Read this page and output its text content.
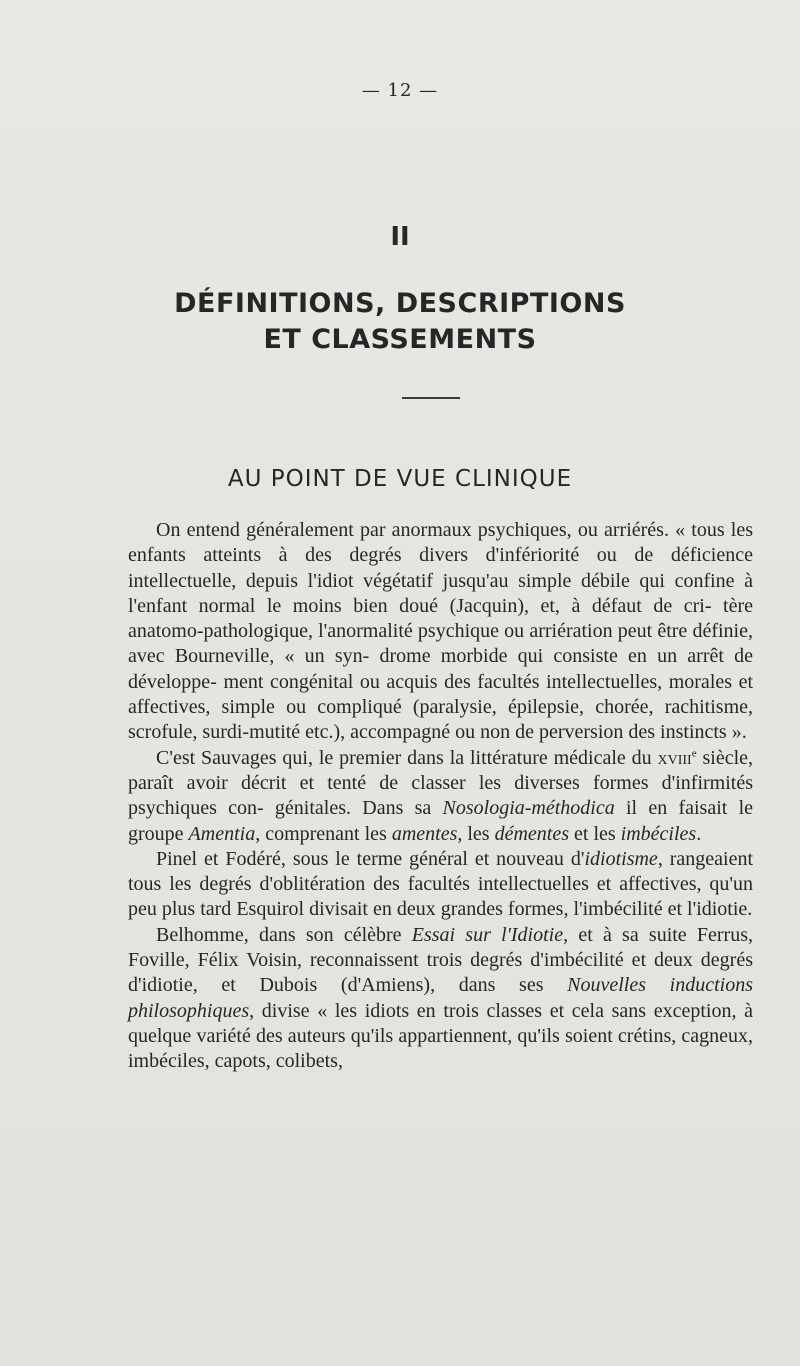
— 12 —
II
DÉFINITIONS, DESCRIPTIONS
ET CLASSEMENTS
AU POINT DE VUE CLINIQUE

On entend généralement par anormaux psychiques, ou arriérés. « tous les enfants atteints à des degrés divers d'infériorité ou de déficience intellectuelle, depuis l'idiot végétatif jusqu'au simple débile qui confine à l'enfant normal le moins bien doué (Jacquin), et, à défaut de cri- tère anatomo-pathologique, l'anormalité psychique ou arriération peut être définie, avec Bourneville, « un syn- drome morbide qui consiste en un arrêt de développe- ment congénital ou acquis des facultés intellectuelles, morales et affectives, simple ou compliqué (paralysie, épilepsie, chorée, rachitisme, scrofule, surdi-mutité etc.), accompagné ou non de perversion des instincts ».

C'est Sauvages qui, le premier dans la littérature médicale du xviii$^e$ siècle, paraît avoir décrit et tenté de classer les diverses formes d'infirmités psychiques con- génitales. Dans sa Nosologia-méthodica il en faisait le groupe Amentia, comprenant les amentes, les démentes et les imbéciles.

Pinel et Fodéré, sous le terme général et nouveau d'idiotisme, rangeaient tous les degrés d'oblitération des facultés intellectuelles et affectives, qu'un peu plus tard Esquirol divisait en deux grandes formes, l'imbécilité et l'idiotie.

Belhomme, dans son célèbre Essai sur l'Idiotie, et à sa suite Ferrus, Foville, Félix Voisin, reconnaissent trois degrés d'imbécilité et deux degrés d'idiotie, et Dubois (d'Amiens), dans ses Nouvelles inductions philosophiques, divise « les idiots en trois classes et cela sans exception, à quelque variété des auteurs qu'ils appartiennent, qu'ils soient crétins, cagneux, imbéciles, capots, colibets,
